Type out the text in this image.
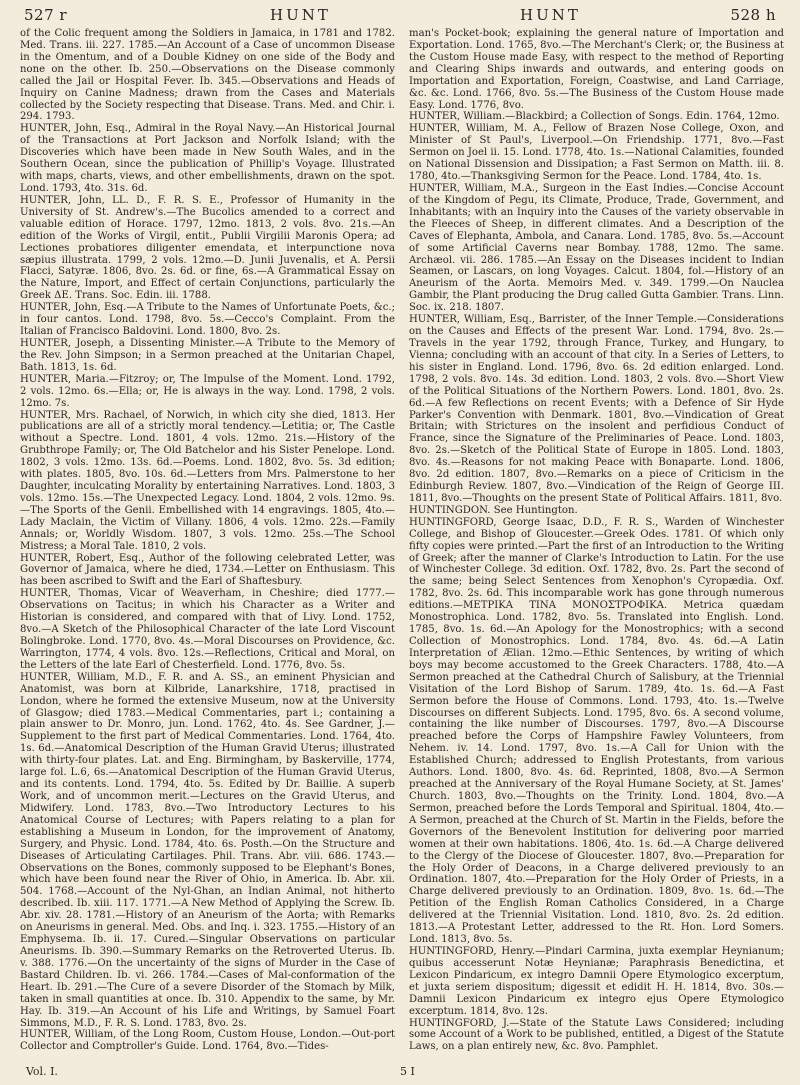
527 r	HUNT	HUNT	528 h

of the Colic frequent among the Soldiers in Jamaica, in 1781 and 1782. Med. Trans. iii. 227. 1785.—An Account of a Case of uncommon Disease in the Omentum, and of a Double Kidney on one side of the Body and none on the other. Ib. 250.—Observations on the Disease commonly called the Jail or Hospital Fever. Ib. 345.—Observations and Heads of Inquiry on Canine Madness; drawn from the Cases and Materials collected by the Society respecting that Disease. Trans. Med. and Chir. i. 294. 1793.

HUNTER, John, Esq., Admiral in the Royal Navy.—An Historical Journal of the Transactions at Port Jackson and Norfolk Island; with the Discoveries which have been made in New South Wales, and in the Southern Ocean, since the publication of Phillip's Voyage. Illustrated with maps, charts, views, and other embellishments, drawn on the spot. Lond. 1793, 4to. 31s. 6d.

HUNTER, John, LL. D., F. R. S. E., Professor of Humanity in the University of St. Andrew's.—The Bucolics amended to a correct and valuable edition of Horace. 1797, 12mo. 1813, 2 vols. 8vo. 21s.—An edition of the Works of Virgil, entit., Publii Virgilii Maronis Opera; ad Lectiones probatiores diligenter emendata, et interpunctione nova sæpius illustrata. 1799, 2 vols. 12mo.—D. Junii Juvenalis, et A. Persii Flacci, Satyræ. 1806, 8vo. 2s. 6d. or fine, 6s.—A Grammatical Essay on the Nature, Import, and Effect of certain Conjunctions, particularly the Greek ΔE. Trans. Soc. Edin. iii. 1788.

HUNTER, John, Esq.—A Tribute to the Names of Unfortunate Poets, &c.; in four cantos. Lond. 1798, 8vo. 5s.—Cecco's Complaint. From the Italian of Francisco Baldovini. Lond. 1800, 8vo. 2s.

HUNTER, Joseph, a Dissenting Minister.—A Tribute to the Memory of the Rev. John Simpson; in a Sermon preached at the Unitarian Chapel, Bath. 1813, 1s. 6d.

HUNTER, Maria.—Fitzroy; or, The Impulse of the Moment. Lond. 1792, 2 vols. 12mo. 6s.—Ella; or, He is always in the way. Lond. 1798, 2 vols. 12mo. 7s.

HUNTER, Mrs. Rachael, of Norwich, in which city she died, 1813. Her publications are all of a strictly moral tendency.—Letitia; or, The Castle without a Spectre. Lond. 1801, 4 vols. 12mo. 21s.—History of the Grubthrope Family; or, The Old Batchelor and his Sister Penelope. Lond. 1802, 3 vols. 12mo. 13s. 6d.—Poems. Lond. 1802, 8vo. 5s. 3d edition; with plates. 1805, 8vo. 10s. 6d.—Letters from Mrs. Palmerstone to her Daughter, inculcating Morality by entertaining Narratives. Lond. 1803, 3 vols. 12mo. 15s.—The Unexpected Legacy. Lond. 1804, 2 vols. 12mo. 9s.—The Sports of the Genii. Embellished with 14 engravings. 1805, 4to.—Lady Maclain, the Victim of Villany. 1806, 4 vols. 12mo. 22s.—Family Annals; or, Worldly Wisdom. 1807, 3 vols. 12mo. 25s.—The School Mistress; a Moral Tale. 1810, 2 vols.

HUNTER, Robert, Esq., Author of the following celebrated Letter, was Governor of Jamaica, where he died, 1734.—Letter on Enthusiasm. This has been ascribed to Swift and the Earl of Shaftesbury.

HUNTER, Thomas, Vicar of Weaverham, in Cheshire; died 1777.—Observations on Tacitus; in which his Character as a Writer and Historian is considered, and compared with that of Livy. Lond. 1752, 8vo.—A Sketch of the Philosophical Character of the late Lord Viscount Bolingbroke. Lond. 1770, 8vo. 4s.—Moral Discourses on Providence, &c. Warrington, 1774, 4 vols. 8vo. 12s.—Reflections, Critical and Moral, on the Letters of the late Earl of Chesterfield. Lond. 1776, 8vo. 5s.

HUNTER, William, M.D., F. R. and A. SS., an eminent Physician and Anatomist, was born at Kilbride, Lanarkshire, 1718, practised in London, where he formed the extensive Museum, now at the University of Glasgow; died 1783.—Medical Commentaries, part i.; containing a plain answer to Dr. Monro, jun. Lond. 1762, 4to. 4s. See Gardner, J.—Supplement to the first part of Medical Commentaries. Lond. 1764, 4to. 1s. 6d.—Anatomical Description of the Human Gravid Uterus; illustrated with thirty-four plates. Lat. and Eng. Birmingham, by Baskerville, 1774, large fol. L.6, 6s.—Anatomical Description of the Human Gravid Uterus, and its contents. Lond. 1794, 4to. 5s. Edited by Dr. Baillie. A superb Work, and of uncommon merit.—Lectures on the Gravid Uterus, and Midwifery. Lond. 1783, 8vo.—Two Introductory Lectures to his Anatomical Course of Lectures; with Papers relating to a plan for establishing a Museum in London, for the improvement of Anatomy, Surgery, and Physic. Lond. 1784, 4to. 6s. Posth.—On the Structure and Diseases of Articulating Cartilages. Phil. Trans. Abr. viii. 686. 1743.—Observations on the Bones, commonly supposed to be Elephant's Bones, which have been found near the River of Ohio, in America. Ib. Abr. xii. 504. 1768.—Account of the Nyl-Ghan, an Indian Animal, not hitherto described. Ib. xiii. 117. 1771.—A New Method of Applying the Screw. Ib. Abr. xiv. 28. 1781.—History of an Aneurism of the Aorta; with Remarks on Aneurisms in general. Med. Obs. and Inq. i. 323. 1755.—History of an Emphysema. Ib. ii. 17. Cured.—Singular Observations on particular Aneurisms. Ib. 390.—Summary Remarks on the Retroverted Uterus. Ib. v. 388. 1776.—On the uncertainty of the signs of Murder in the Case of Bastard Children. Ib. vi. 266. 1784.—Cases of Mal-conformation of the Heart. Ib. 291.—The Cure of a severe Disorder of the Stomach by Milk, taken in small quantities at once. Ib. 310. Appendix to the same, by Mr. Hay. Ib. 319.—An Account of his Life and Writings, by Samuel Foart Simmons, M.D., F. R. S. Lond. 1783, 8vo. 2s.

HUNTER, William, of the Long Room, Custom House, London.—Out-port Collector and Comptroller's Guide. Lond. 1764, 8vo.—Tides-

man's Pocket-book; explaining the general nature of Importation and Exportation. Lond. 1765, 8vo.—The Merchant's Clerk; or, the Business at the Custom House made Easy, with respect to the method of Reporting and Clearing Ships inwards and outwards, and entering goods on Importation and Exportation, Foreign, Coastwise, and Land Carriage, &c. &c. Lond. 1766, 8vo. 5s.—The Business of the Custom House made Easy. Lond. 1776, 8vo.

HUNTER, William.—Blackbird; a Collection of Songs. Edin. 1764, 12mo.

HUNTER, William, M. A., Fellow of Brazen Nose College, Oxon, and Minister of St Paul's, Liverpool.—On Friendship. 1771, 8vo.—Fast Sermon on Joel ii. 15. Lond. 1778, 4to. 1s.—National Calamities, founded on National Dissension and Dissipation; a Fast Sermon on Matth. iii. 8. 1780, 4to.—Thanksgiving Sermon for the Peace. Lond. 1784, 4to. 1s.

HUNTER, William, M.A., Surgeon in the East Indies.—Concise Account of the Kingdom of Pegu, its Climate, Produce, Trade, Government, and Inhabitants; with an Inquiry into the Causes of the variety observable in the Fleeces of Sheep, in different climates. And a Description of the Caves of Elephanta, Ambola, and Canara. Lond. 1785, 8vo. 5s.—Account of some Artificial Caverns near Bombay. 1788, 12mo. The same. Archæol. vii. 286. 1785.—An Essay on the Diseases incident to Indian Seamen, or Lascars, on long Voyages. Calcut. 1804, fol.—History of an Aneurism of the Aorta. Memoirs Med. v. 349. 1799.—On Nauclea Gambir, the Plant producing the Drug called Gutta Gambier. Trans. Linn. Soc. ix. 218. 1807.

HUNTER, William, Esq., Barrister, of the Inner Temple.—Considerations on the Causes and Effects of the present War. Lond. 1794, 8vo. 2s.—Travels in the year 1792, through France, Turkey, and Hungary, to Vienna; concluding with an account of that city. In a Series of Letters, to his sister in England. Lond. 1796, 8vo. 6s. 2d edition enlarged. Lond. 1798, 2 vols. 8vo. 14s. 3d edition. Lond. 1803, 2 vols. 8vo.—Short View of the Political Situations of the Northern Powers. Lond. 1801, 8vo. 2s. 6d.—A few Reflections on recent Events; with a Defence of Sir Hyde Parker's Convention with Denmark. 1801, 8vo.—Vindication of Great Britain; with Strictures on the insolent and perfidious Conduct of France, since the Signature of the Preliminaries of Peace. Lond. 1803, 8vo. 2s.—Sketch of the Political State of Europe in 1805. Lond. 1803, 8vo. 4s.—Reasons for not making Peace with Bonaparte. Lond. 1806, 8vo. 2d edition. 1807, 8vo.—Remarks on a piece of Criticism in the Edinburgh Review. 1807, 8vo.—Vindication of the Reign of George III. 1811, 8vo.—Thoughts on the present State of Political Affairs. 1811, 8vo.

HUNTINGDON. See Huntington.

HUNTINGFORD, George Isaac, D.D., F. R. S., Warden of Winchester College, and Bishop of Gloucester.—Greek Odes. 1781. Of which only fifty copies were printed.—Part the first of an Introduction to the Writing of Greek; after the manner of Clarke's Introduction to Latin. For the use of Winchester College. 3d edition. Oxf. 1782, 8vo. 2s. Part the second of the same; being Select Sentences from Xenophon's Cyropædia. Oxf. 1782, 8vo. 2s. 6d. This incomparable work has gone through numerous editions.—ΜΕΤΡΙΚΑ ΤΙΝΑ ΜΟΝΟΣΤΡΟΦΙΚΑ. Metrica quædam Monostrophica. Lond. 1782, 8vo. 5s. Translated into English. Lond. 1785, 8vo. 1s. 6d.—An Apology for the Monostrophics; with a second Collection of Monostrophics. Lond. 1784, 8vo. 4s. 6d.—A Latin Interpretation of Ælian. 12mo.—Ethic Sentences, by writing of which boys may become accustomed to the Greek Characters. 1788, 4to.—A Sermon preached at the Cathedral Church of Salisbury, at the Triennial Visitation of the Lord Bishop of Sarum. 1789, 4to. 1s. 6d.—A Fast Sermon before the House of Commons. Lond. 1793, 4to. 1s.—Twelve Discourses on different Subjects. Lond. 1795, 8vo. 6s. A second volume, containing the like number of Discourses. 1797, 8vo.—A Discourse preached before the Corps of Hampshire Fawley Volunteers, from Nehem. iv. 14. Lond. 1797, 8vo. 1s.—A Call for Union with the Established Church; addressed to English Protestants, from various Authors. Lond. 1800, 8vo. 4s. 6d. Reprinted, 1808, 8vo.—A Sermon preached at the Anniversary of the Royal Humane Society, at St. James' Church. 1803, 8vo.—Thoughts on the Trinity. Lond. 1804, 8vo.—A Sermon, preached before the Lords Temporal and Spiritual. 1804, 4to.—A Sermon, preached at the Church of St. Martin in the Fields, before the Governors of the Benevolent Institution for delivering poor married women at their own habitations. 1806, 4to. 1s. 6d.—A Charge delivered to the Clergy of the Diocese of Gloucester. 1807, 8vo.—Preparation for the Holy Order of Deacons, in a Charge delivered previously to an Ordination. 1807, 4to.—Preparation for the Holy Order of Priests, in a Charge delivered previously to an Ordination. 1809, 8vo. 1s. 6d.—The Petition of the English Roman Catholics Considered, in a Charge delivered at the Triennial Visitation. Lond. 1810, 8vo. 2s. 2d edition. 1813.—A Protestant Letter, addressed to the Rt. Hon. Lord Somers. Lond. 1813, 8vo. 5s.

HUNTINGFORD, Henry.—Pindari Carmina, juxta exemplar Heynianum; quibus accesserunt Notæ Heynianæ; Paraphrasis Benedictina, et Lexicon Pindaricum, ex integro Damnii Opere Etymologico excerptum, et juxta seriem dispositum; digessit et edidit H. H. 1814, 8vo. 30s.—Damnii Lexicon Pindaricum ex integro ejus Opere Etymologico excerptum. 1814, 8vo. 12s.

HUNTINGFORD, J.—State of the Statute Laws Considered; including some Account of a Work to be published, entitled, a Digest of the Statute Laws, on a plan entirely new, &c. 8vo. Pamphlet.

Vol. I.	5 I
